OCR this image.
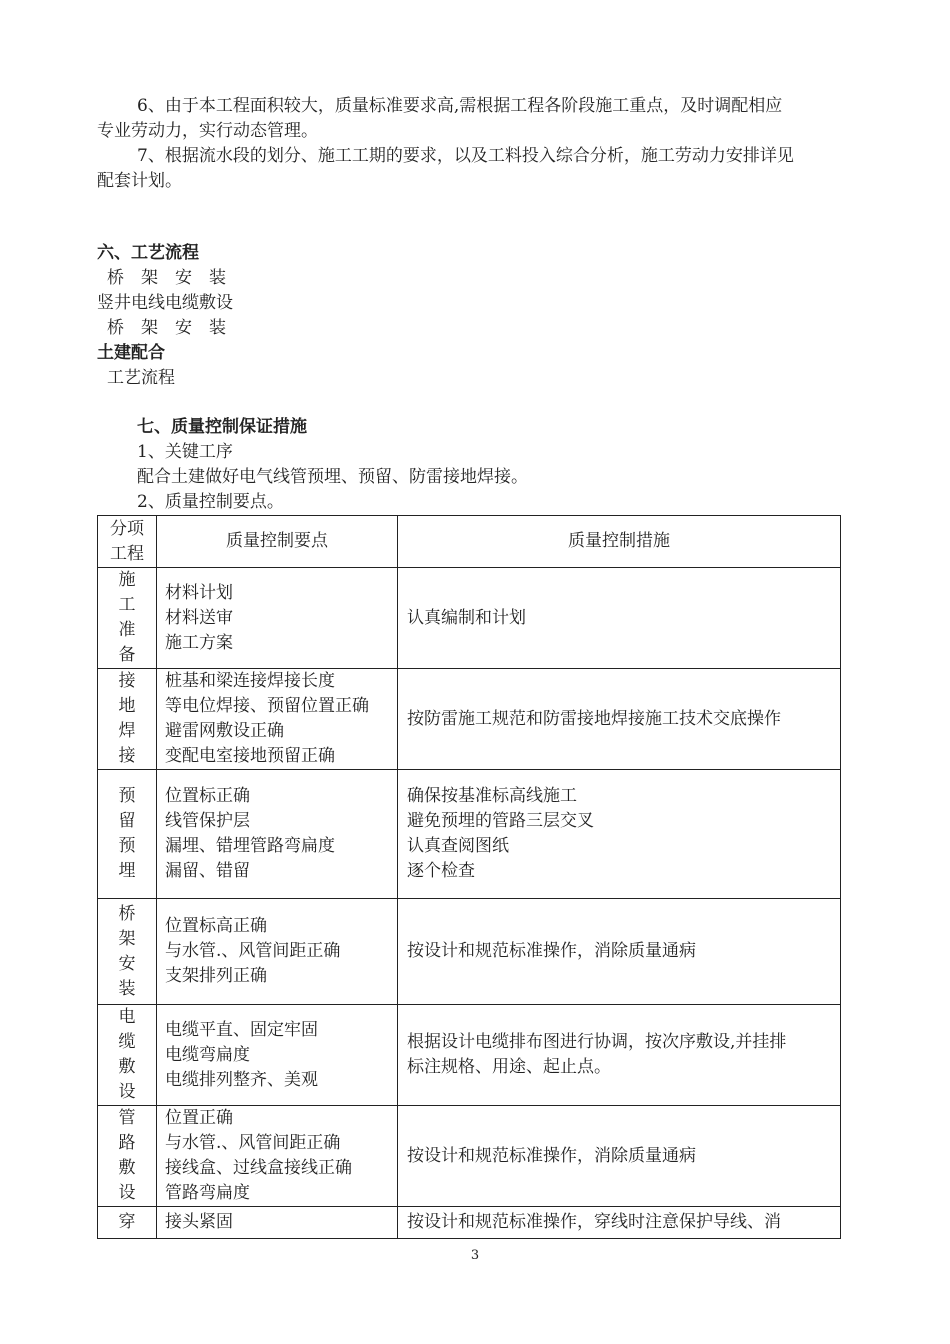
6、由于本工程面积较大，质量标准要求高,需根据工程各阶段施工重点，及时调配相应
专业劳动力，实行动态管理。
7、根据流水段的划分、施工工期的要求，以及工料投入综合分析，施工劳动力安排详见
配套计划。
六、工艺流程
桥架安装
竖井电线电缆敷设
桥架安装
土建配合
工艺流程
七、质量控制保证措施
1、关键工序
配合土建做好电气线管预埋、预留、防雷接地焊接。
2、质量控制要点。
分项工程	质量控制要点	质量控制措施

施工准备	材料计划
材料送审
施工方案	认真编制和计划

接地焊接	桩基和梁连接焊接长度
等电位焊接、预留位置正确
避雷网敷设正确
变配电室接地预留正确	按防雷施工规范和防雷接地焊接施工技术交底操作

预留预埋	位置标正确
线管保护层
漏埋、错埋管路弯扁度
漏留、错留	确保按基准标高线施工
避免预埋的管路三层交叉
认真查阅图纸
逐个检查

桥架安装	位置标高正确
与水管.、风管间距正确
支架排列正确	按设计和规范标准操作，消除质量通病

电缆敷设	电缆平直、固定牢固
电缆弯扁度
电缆排列整齐、美观	根据设计电缆排布图进行协调，按次序敷设,并挂排
标注规格、用途、起止点。

管路敷设	位置正确
与水管.、风管间距正确
接线盒、过线盒接线正确
管路弯扁度	按设计和规范标准操作，消除质量通病

穿	接头紧固	按设计和规范标准操作，穿线时注意保护导线、消
3
